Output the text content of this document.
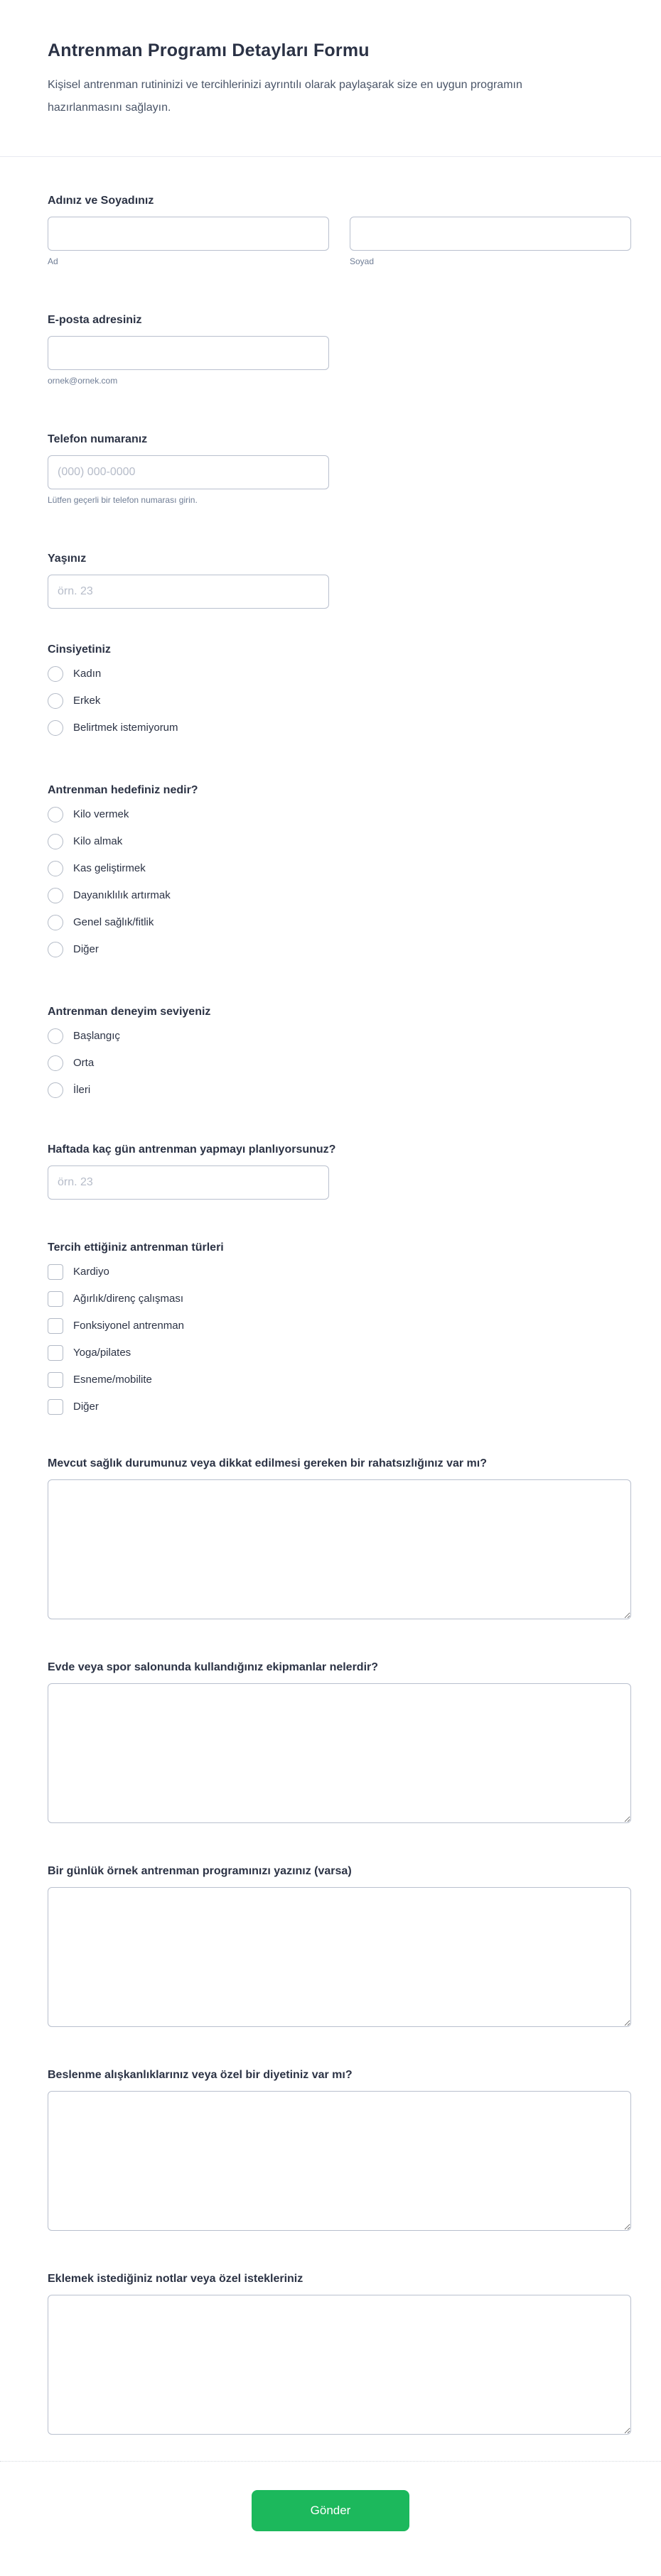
Antrenman Programı Detayları Formu

Kişisel antrenman rutininizi ve tercihlerinizi ayrıntılı olarak paylaşarak size en uygun programın hazırlanmasını sağlayın.

Adınız ve Soyadınız
Ad	Soyad
E-posta adresiniz
ornek@ornek.com
Telefon numaranız
(000) 000-0000
Lütfen geçerli bir telefon numarası girin.
Yaşınız
örn. 23
Cinsiyetiniz
Kadın
Erkek
Belirtmek istemiyorum
Antrenman hedefiniz nedir?
Kilo vermek
Kilo almak
Kas geliştirmek
Dayanıklılık artırmak
Genel sağlık/fitlik
Diğer
Antrenman deneyim seviyeniz
Başlangıç
Orta
İleri
Haftada kaç gün antrenman yapmayı planlıyorsunuz?
örn. 23
Tercih ettiğiniz antrenman türleri
Kardiyo
Ağırlık/direnç çalışması
Fonksiyonel antrenman
Yoga/pilates
Esneme/mobilite
Diğer
Mevcut sağlık durumunuz veya dikkat edilmesi gereken bir rahatsızlığınız var mı?
Evde veya spor salonunda kullandığınız ekipmanlar nelerdir?
Bir günlük örnek antrenman programınızı yazınız (varsa)
Beslenme alışkanlıklarınız veya özel bir diyetiniz var mı?
Eklemek istediğiniz notlar veya özel istekleriniz
Gönder
